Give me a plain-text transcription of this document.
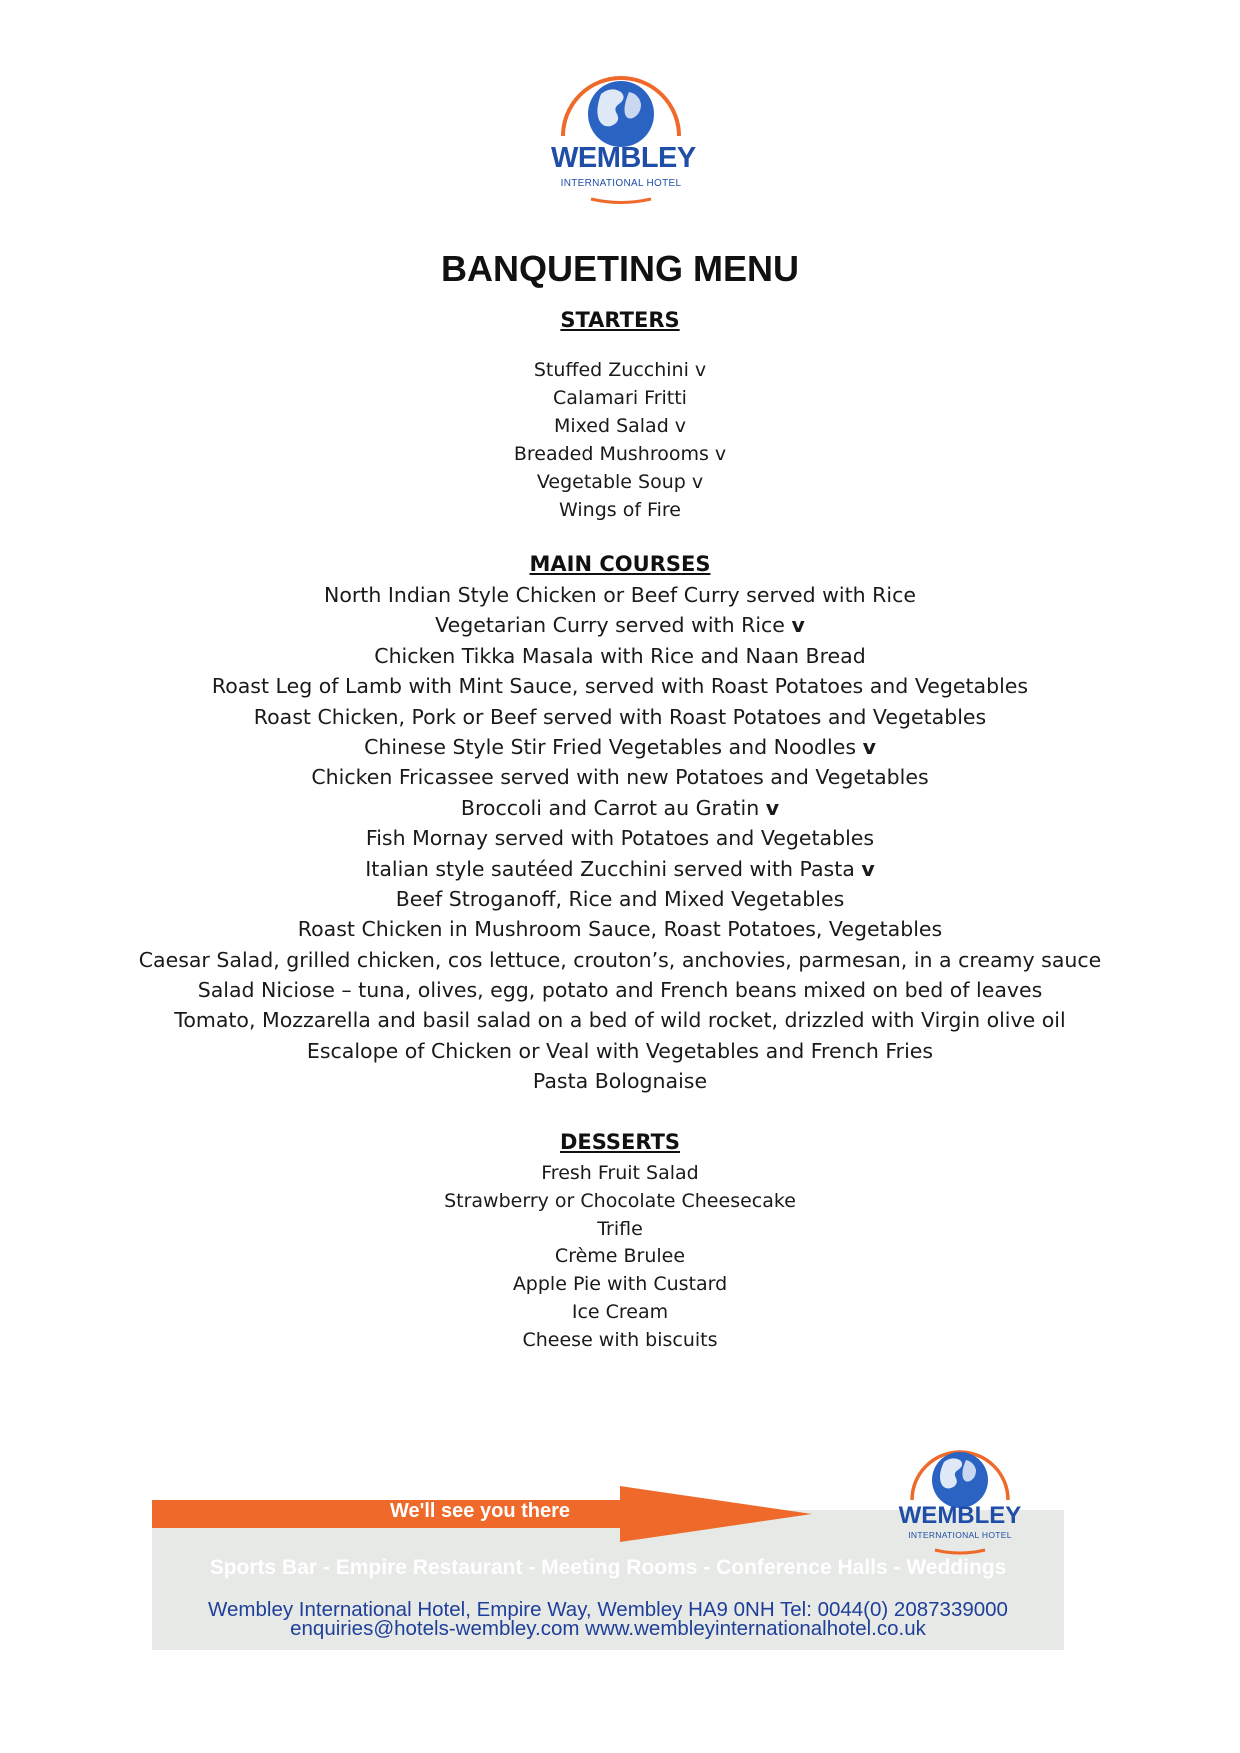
WEMBLEY
INTERNATIONAL HOTEL
BANQUETING MENU
STARTERS
Stuffed Zucchini v
Calamari Fritti
Mixed Salad v
Breaded Mushrooms v
Vegetable Soup v
Wings of Fire
MAIN COURSES
North Indian Style Chicken or Beef Curry served with Rice
Vegetarian Curry served with Rice v
Chicken Tikka Masala with Rice and Naan Bread
Roast Leg of Lamb with Mint Sauce, served with Roast Potatoes and Vegetables
Roast Chicken, Pork or Beef served with Roast Potatoes and Vegetables
Chinese Style Stir Fried Vegetables and Noodles v
Chicken Fricassee served with new Potatoes and Vegetables
Broccoli and Carrot au Gratin v
Fish Mornay served with Potatoes and Vegetables
Italian style sautéed Zucchini served with Pasta v
Beef Stroganoff, Rice and Mixed Vegetables
Roast Chicken in Mushroom Sauce, Roast Potatoes, Vegetables
Caesar Salad, grilled chicken, cos lettuce, crouton’s, anchovies, parmesan, in a creamy sauce
Salad Niciose – tuna, olives, egg, potato and French beans mixed on bed of leaves
Tomato, Mozzarella and basil salad on a bed of wild rocket, drizzled with Virgin olive oil
Escalope of Chicken or Veal with Vegetables and French Fries
Pasta Bolognaise
DESSERTS
Fresh Fruit Salad
Strawberry or Chocolate Cheesecake
Trifle
Crème Brulee
Apple Pie with Custard
Ice Cream
Cheese with biscuits
We'll see you there	WEMBLEY
INTERNATIONAL HOTEL
Sports Bar - Empire Restaurant - Meeting Rooms - Conference Halls - Weddings
Wembley International Hotel, Empire Way, Wembley HA9 0NH Tel: 0044(0) 2087339000
enquiries@hotels-wembley.com www.wembleyinternationalhotel.co.uk
